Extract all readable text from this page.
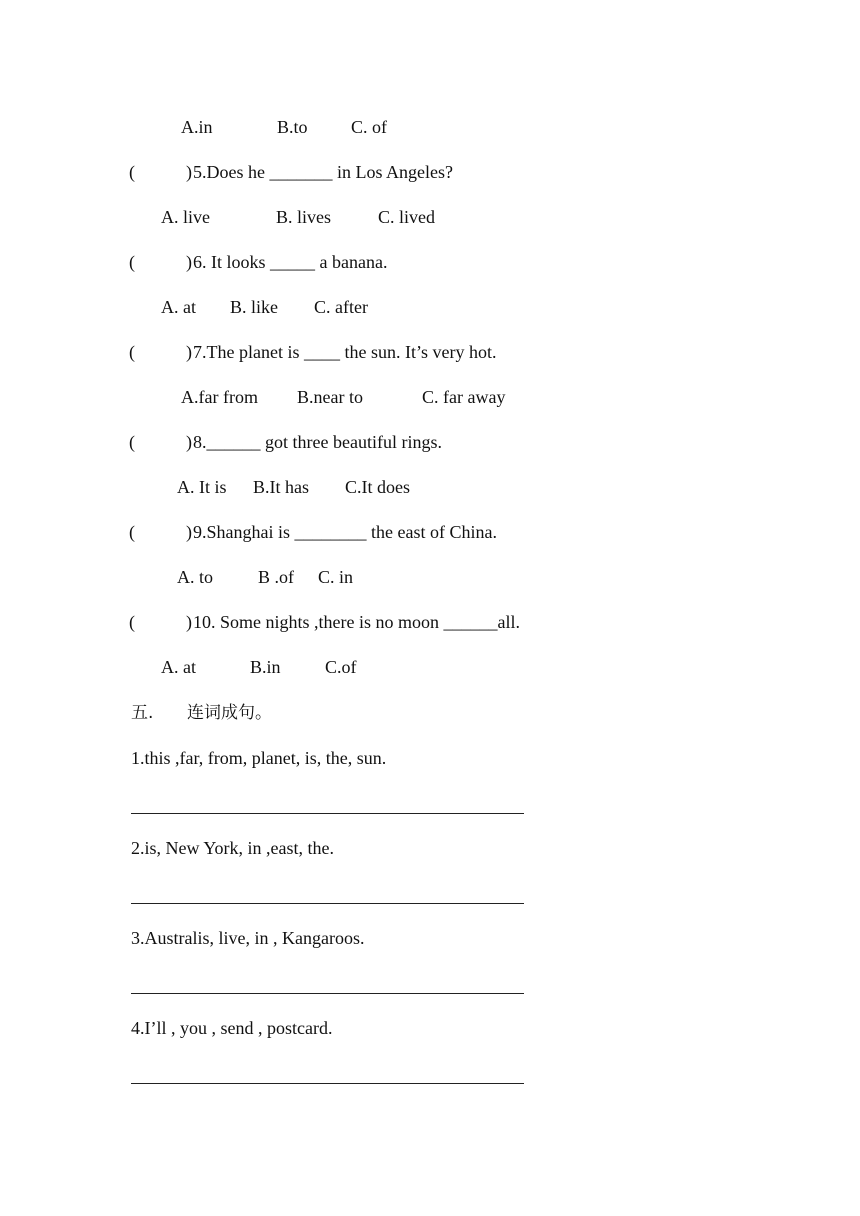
A.in	B.to C. of
(	) 5.Does he _______ in Los Angeles?
A. live	B. lives	C. lived
(	) 6. It looks _____ a banana.
A. at B. like C. after
(	) 7.The planet is ____ the sun. It’s very hot.
A.far from B.near to	C. far away
(	) 8.______ got three beautiful rings.
A. It is B.It has C.It does
(	) 9.Shanghai is ________ the east of China.
A. to	B .of C. in
(	) 10. Some nights ,there is no moon ______all.
A. at	B.in C.of
五. 连词成句。
1.this ,far, from, planet, is, the, sun.
2.is, New York, in ,east, the.
3.Australis, live, in , Kangaroos.
4.I’ll , you , send , postcard.
